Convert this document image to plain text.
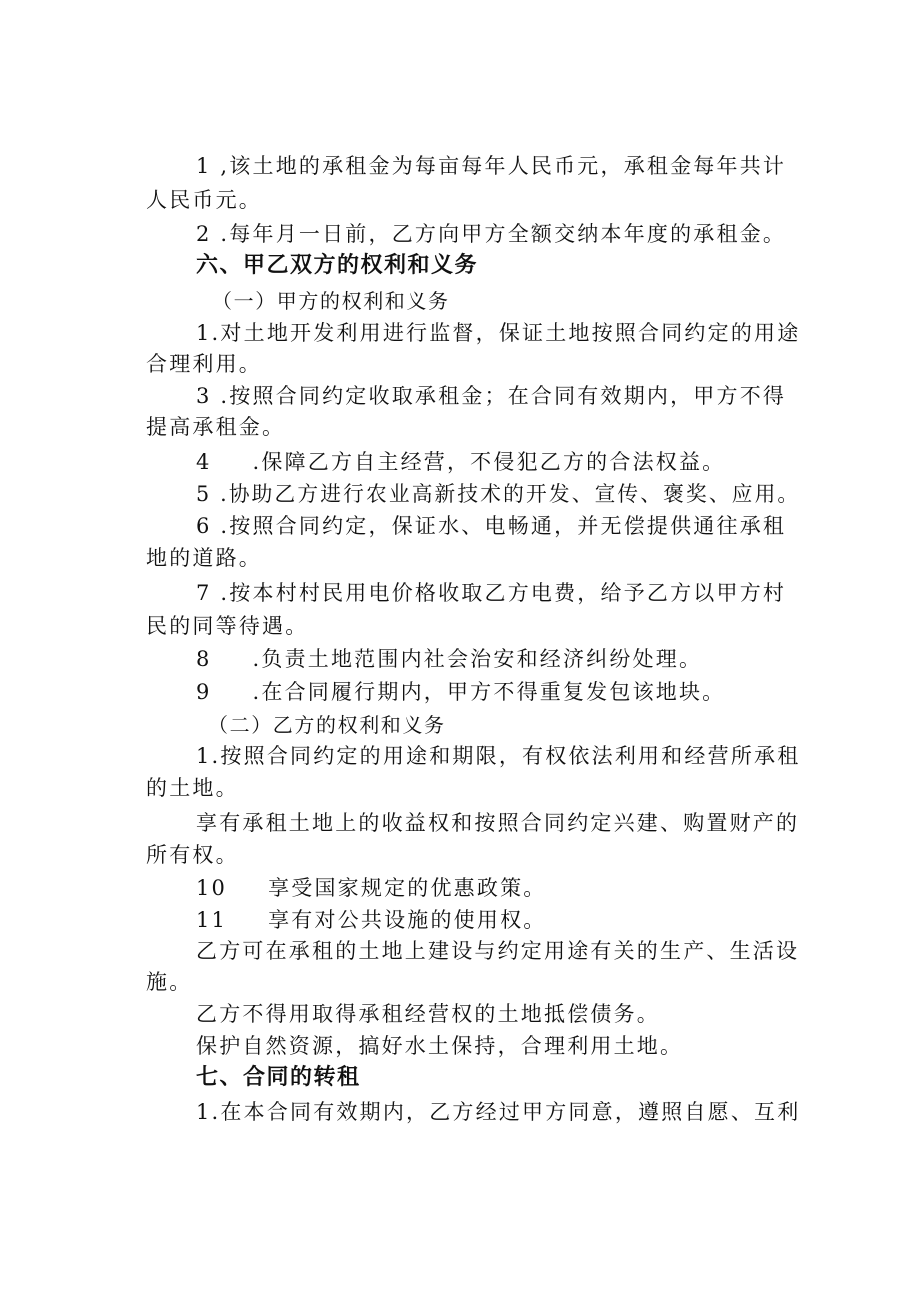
1 ,该土地的承租金为每亩每年人民币元，承租金每年共计
人民币元。
2 .每年月一日前，乙方向甲方全额交纳本年度的承租金。
六、甲乙双方的权利和义务
（一）甲方的权利和义务
1.对土地开发利用进行监督，保证土地按照合同约定的用途
合理利用。
3 .按照合同约定收取承租金；在合同有效期内，甲方不得
提高承租金。
4 　 .保障乙方自主经营，不侵犯乙方的合法权益。
5 .协助乙方进行农业高新技术的开发、宣传、褒奖、应用。
6 .按照合同约定，保证水、电畅通，并无偿提供通往承租
地的道路。
7 .按本村村民用电价格收取乙方电费，给予乙方以甲方村
民的同等待遇。
8 　 .负责土地范围内社会治安和经济纠纷处理。
9 　 .在合同履行期内，甲方不得重复发包该地块。
（二）乙方的权利和义务
1.按照合同约定的用途和期限，有权依法利用和经营所承租
的土地。
享有承租土地上的收益权和按照合同约定兴建、购置财产的
所有权。
10 　 享受国家规定的优惠政策。
11 　 享有对公共设施的使用权。
乙方可在承租的土地上建设与约定用途有关的生产、生活设
施。
乙方不得用取得承租经营权的土地抵偿债务。
保护自然资源，搞好水土保持，合理利用土地。
七、合同的转租
1.在本合同有效期内，乙方经过甲方同意，遵照自愿、互利
